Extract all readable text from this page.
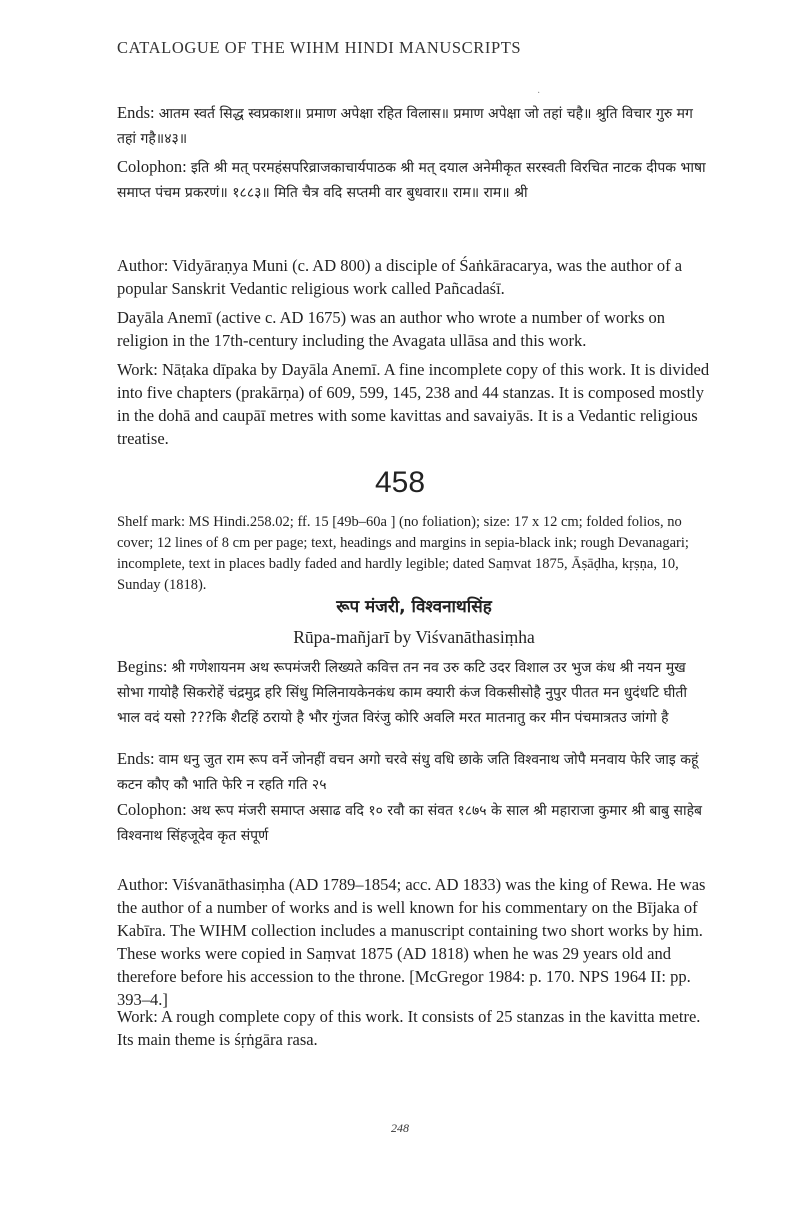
CATALOGUE OF THE WIHM HINDI MANUSCRIPTS
·

Ends: आतम स्वर्त सिद्ध स्वप्रकाश॥ प्रमाण अपेक्षा रहित विलास॥ प्रमाण अपेक्षा जो तहां चहै॥ श्रुति विचार गुरु मग तहां गहै॥४३॥

Colophon: इति श्री मत् परमहंसपरिव्राजकाचार्यपाठक श्री मत् दयाल अनेमीकृत सरस्वती विरचित नाटक दीपक भाषा समाप्त पंचम प्रकरणं॥ १८८३॥ मिति चैत्र वदि सप्तमी वार बुधवार॥ राम॥ राम॥ श्री

Author: Vidyāraṇya Muni (c. AD 800) a disciple of Śaṅkāracarya, was the author of a popular Sanskrit Vedantic religious work called Pañcadaśī.

Dayāla Anemī (active c. AD 1675) was an author who wrote a number of works on religion in the 17th-century including the Avagata ullāsa and this work.

Work: Nāṭaka dīpaka by Dayāla Anemī. A fine incomplete copy of this work. It is divided into five chapters (prakārṇa) of 609, 599, 145, 238 and 44 stanzas. It is composed mostly in the dohā and caupāī metres with some kavittas and savaiyās. It is a Vedantic religious treatise.

458
Shelf mark: MS Hindi.258.02; ff. 15 [49b–60a ] (no foliation); size: 17 x 12 cm; folded folios, no cover; 12 lines of 8 cm per page; text, headings and margins in sepia-black ink; rough Devanagari; incomplete, text in places badly faded and hardly legible; dated Saṃvat 1875, Āṣāḍha, kṛṣṇa, 10, Sunday (1818).
रूप मंजरी, विश्वनाथसिंह
Rūpa-mañjarī by Viśvanāthasiṃha

Begins: श्री गणेशायनम अथ रूपमंजरी लिख्यते कवित्त तन नव उरु कटि उदर विशाल उर भुज कंध श्री नयन मुख सोभा गायोहै सिकरोहें चंद्रमुद्र हरि सिंधु मिलिनायकेनकंध काम क्यारी कंज विकसीसोहै नुपुर पीतत मन धुदंधटि घीती भाल वदं यसो ???कि शैटहिं ठरायो है भौर गुंजत विरंजु कोरि अवलि मरत मातनातु कर मीन पंचमात्रतउ जांगो है

Ends: वाम धनु जुत राम रूप वर्ने जोनहीं वचन अगो चरवे संधु वधि छाके जति विश्वनाथ जोपै मनवाय फेरि जाइ कहूं कटन कौए कौ भाति फेरि न रहति गति २५

Colophon: अथ रूप मंजरी समाप्त असाढ वदि १० रवौ का संवत १८७५ के साल श्री महाराजा कुमार श्री बाबु साहेब विश्वनाथ सिंहजूदेव कृत संपूर्ण

Author: Viśvanāthasiṃha (AD 1789–1854; acc. AD 1833) was the king of Rewa. He was the author of a number of works and is well known for his commentary on the Bījaka of Kabīra. The WIHM collection includes a manuscript containing two short works by him. These works were copied in Saṃvat 1875 (AD 1818) when he was 29 years old and therefore before his accession to the throne. [McGregor 1984: p. 170. NPS 1964 II: pp. 393–4.]

Work: A rough complete copy of this work. It consists of 25 stanzas in the kavitta metre. Its main theme is śṛṅgāra rasa.

248
